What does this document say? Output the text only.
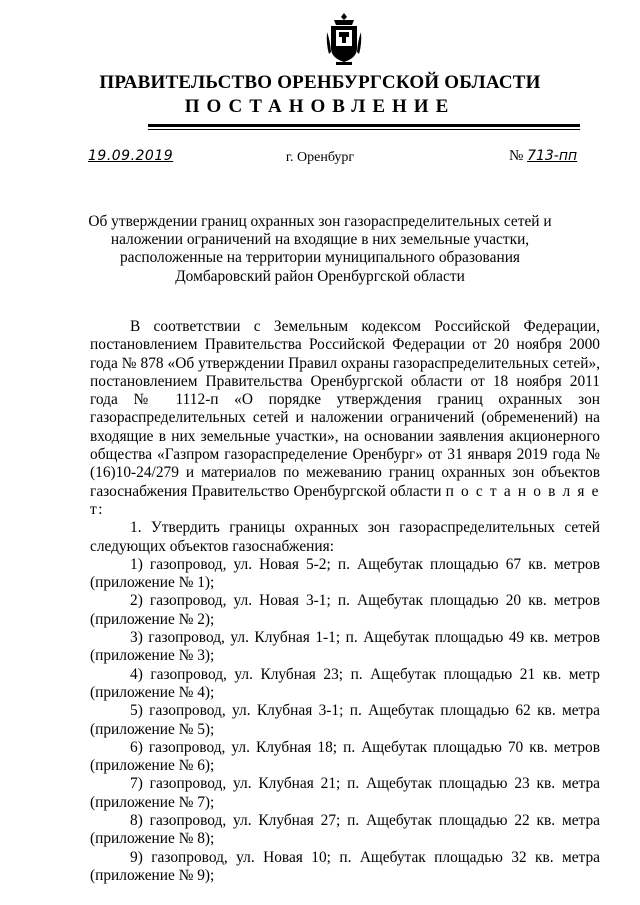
ПРАВИТЕЛЬСТВО ОРЕНБУРГСКОЙ ОБЛАСТИ
ПОСТАНОВЛЕНИЕ
19.09.2019	г. Оренбург	№ 713-пп
Об утверждении границ охранных зон газораспределительных сетей и наложении ограничений на входящие в них земельные участки, расположенные на территории муниципального образования Домбаровский район Оренбургской области

В соответствии с Земельным кодексом Российской Федерации, постановлением Правительства Российской Федерации от 20 ноября 2000 года № 878 «Об утверждении Правил охраны газораспределительных сетей», постановлением Правительства Оренбургской области от 18 ноября 2011 года № 1112-п «О порядке утверждения границ охранных зон газораспределительных сетей и наложении ограничений (обременений) на входящие в них земельные участки», на основании заявления акционерного общества «Газпром газораспределение Оренбург» от 31 января 2019 года № (16)10-24/279 и материалов по межеванию границ охранных зон объектов газоснабжения Правительство Оренбургской области п о с т а н о в л я е т:

1. Утвердить границы охранных зон газораспределительных сетей следующих объектов газоснабжения:

1) газопровод, ул. Новая 5-2; п. Ащебутак площадью 67 кв. метров (приложение № 1);

2) газопровод, ул. Новая 3-1; п. Ащебутак площадью 20 кв. метров (приложение № 2);

3) газопровод, ул. Клубная 1-1; п. Ащебутак площадью 49 кв. метров (приложение № 3);

4) газопровод, ул. Клубная 23; п. Ащебутак площадью 21 кв. метр (приложение № 4);

5) газопровод, ул. Клубная 3-1; п. Ащебутак площадью 62 кв. метра (приложение № 5);

6) газопровод, ул. Клубная 18; п. Ащебутак площадью 70 кв. метров (приложение № 6);

7) газопровод, ул. Клубная 21; п. Ащебутак площадью 23 кв. метра (приложение № 7);

8) газопровод, ул. Клубная 27; п. Ащебутак площадью 22 кв. метра (приложение № 8);

9) газопровод, ул. Новая 10; п. Ащебутак площадью 32 кв. метра (приложение № 9);
